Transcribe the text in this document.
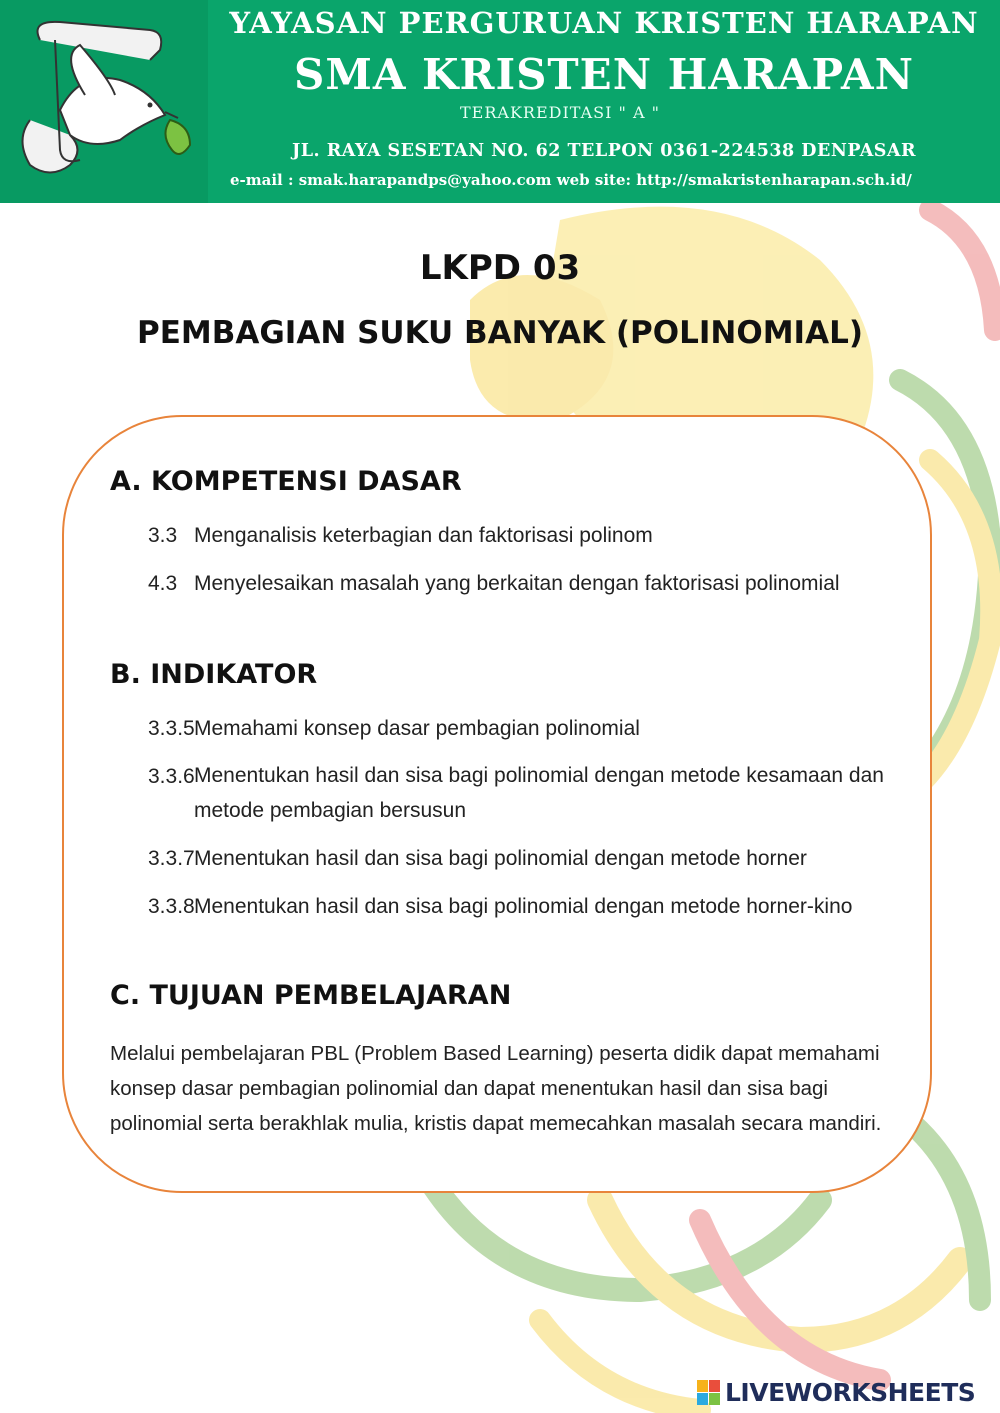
YAYASAN PERGURUAN KRISTEN HARAPAN
SMA KRISTEN HARAPAN
TERAKREDITASI " A "
JL. RAYA SESETAN NO. 62 TELPON 0361-224538 DENPASAR
e-mail : smak.harapandps@yahoo.com web site: http://smakristenharapan.sch.id/
LKPD 03
PEMBAGIAN SUKU BANYAK (POLINOMIAL)
A. KOMPETENSI DASAR
3.3 Menganalisis keterbagian dan faktorisasi polinom
4.3 Menyelesaikan masalah yang berkaitan dengan faktorisasi polinomial
B. INDIKATOR
3.3.5Memahami konsep dasar pembagian polinomial
3.3.6 Menentukan hasil dan sisa bagi polinomial dengan metode kesamaan dan metode pembagian bersusun
3.3.7Menentukan hasil dan sisa bagi polinomial dengan metode horner
3.3.8Menentukan hasil dan sisa bagi polinomial dengan metode horner-kino
C. TUJUAN PEMBELAJARAN
Melalui pembelajaran PBL (Problem Based Learning) peserta didik dapat memahami konsep dasar pembagian polinomial dan dapat menentukan hasil dan sisa bagi polinomial serta berakhlak mulia, kristis dapat memecahkan masalah secara mandiri.
LIVEWORKSHEETS
